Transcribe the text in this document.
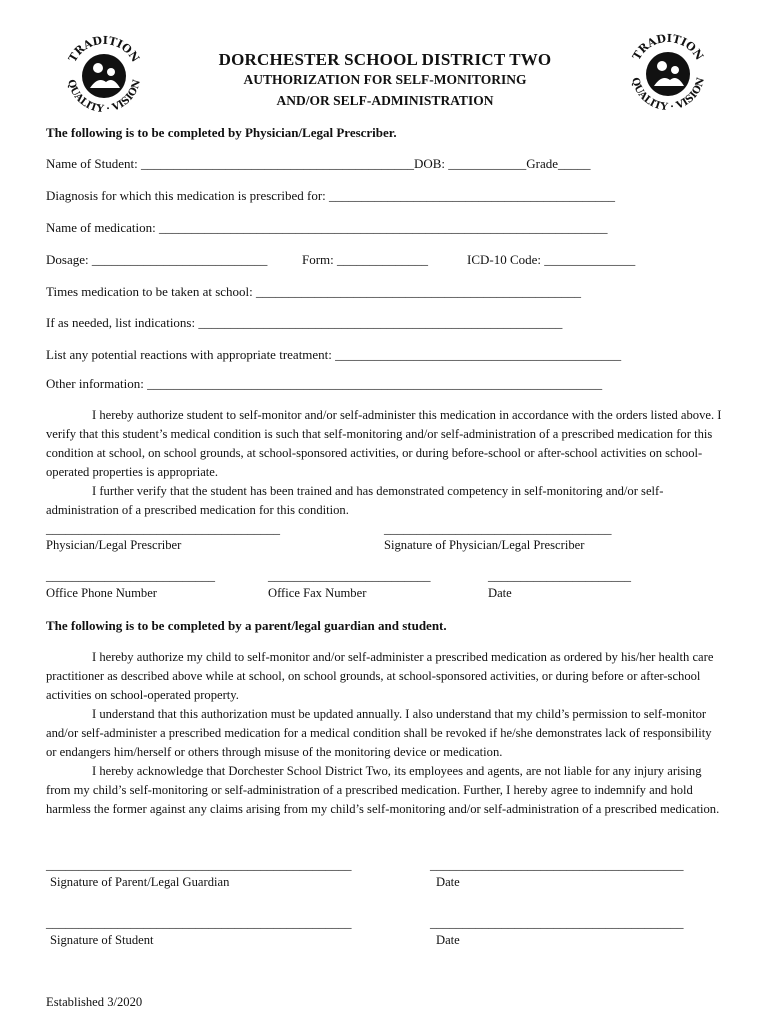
TRADITION
QUALITY · VISION
TRADITION
QUALITY · VISION
DORCHESTER SCHOOL DISTRICT TWO
AUTHORIZATION FOR SELF-MONITORING
AND/OR SELF-ADMINISTRATION
The following is to be completed by Physician/Legal Prescriber.
Name of Student: __________________________________________DOB: ____________Grade_____
Diagnosis for which this medication is prescribed for: ____________________________________________
Name of medication: _____________________________________________________________________
Dosage: ___________________________	Form: ______________	ICD-10 Code: ______________
Times medication to be taken at school: __________________________________________________
If as needed, list indications: ________________________________________________________
List any potential reactions with appropriate treatment: ____________________________________________
Other information: ______________________________________________________________________

I hereby authorize student to self-monitor and/or self-administer this medication in accordance with the orders listed above. I verify that this student’s medical condition is such that self-monitoring and/or self-administration of a prescribed medication for this condition at school, on school grounds, at school-sponsored activities, or during before-school or after-school activities on school-operated properties is appropriate.

I further verify that the student has been trained and has demonstrated competency in self-monitoring and/or self-administration of a prescribed medication for this condition.

____________________________________	___________________________________
Physician/Legal Prescriber	Signature of Physician/Legal Prescriber
__________________________	_________________________	______________________
Office Phone Number	Office Fax Number	Date
The following is to be completed by a parent/legal guardian and student.

I hereby authorize my child to self-monitor and/or self-administer a prescribed medication as ordered by his/her health care practitioner as described above while at school, on school grounds, at school-sponsored activities, or during before or after-school activities on school-operated property.

I understand that this authorization must be updated annually. I also understand that my child’s permission to self-monitor and/or self-administer a prescribed medication for a medical condition shall be revoked if he/she demonstrates lack of responsibility or endangers him/herself or others through misuse of the monitoring device or medication.

I hereby acknowledge that Dorchester School District Two, its employees and agents, are not liable for any injury arising from my child’s self-monitoring or self-administration of a prescribed medication. Further, I hereby agree to indemnify and hold harmless the former against any claims arising from my child’s self-monitoring and/or self-administration of a prescribed medication.

_______________________________________________	_______________________________________
Signature of Parent/Legal Guardian	Date
_______________________________________________	_______________________________________
Signature of Student	Date
Established 3/2020
